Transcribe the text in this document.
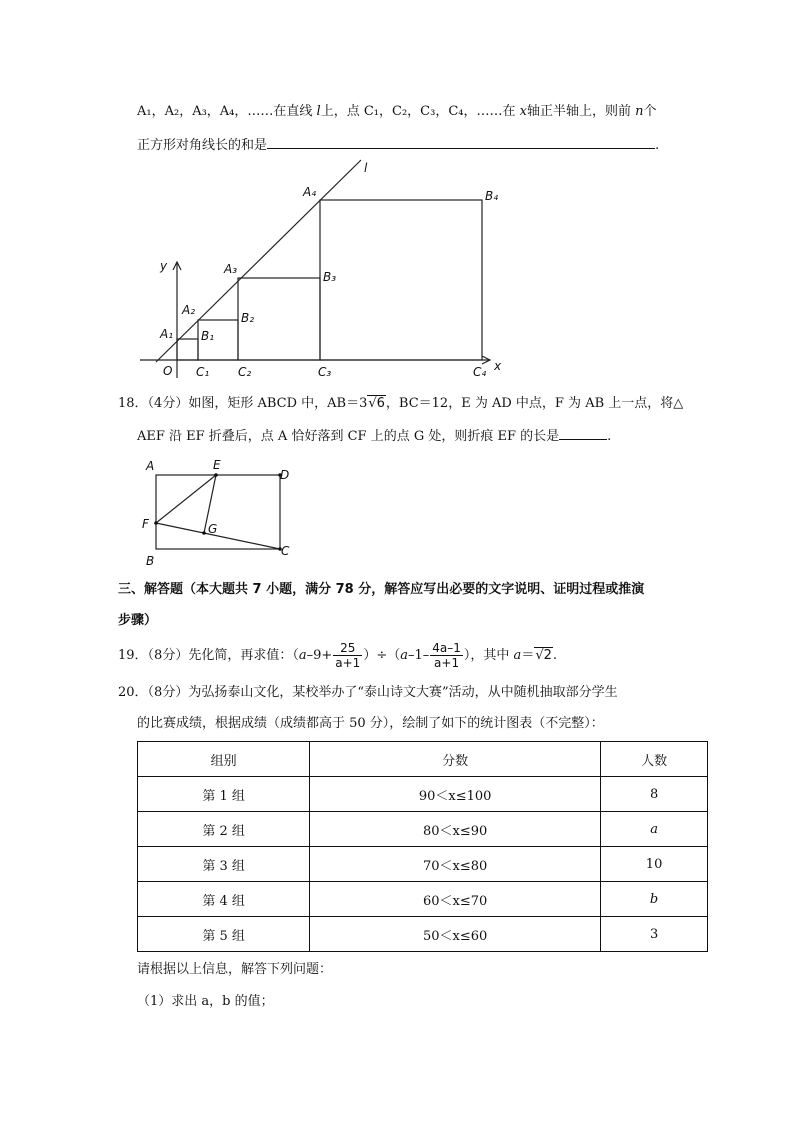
A₁，A₂，A₃，A₄，……在直线 l上，点 C₁，C₂，C₃，C₄，……在 x轴正半轴上，则前 n个
正方形对角线长的和是	.
l
y
x
O
A₁
A₂
A₃
A₄
B₁
B₂
B₃
B₄
C₁ C₂	C₃	C₄
18．（4分）如图，矩形 ABCD 中，AB＝3√6，BC＝12，E 为 AD 中点，F 为 AB 上一点，将△
AEF 沿 EF 折叠后，点 A 恰好落到 CF 上的点 G 处，则折痕 EF 的长是	.
A	E
D
F	G
B
C
三、解答题（本大题共 7 小题，满分 78 分，解答应写出必要的文字说明、证明过程或推演
步骤）
19．（8分）先化简，再求值：$(a-9+ \frac{25}{a+1} )\div(a-1- \frac{4a-1}{a+1}$ ），其中 a＝√2.
20．（8分）为弘扬泰山文化，某校举办了“泰山诗文大赛”活动，从中随机抽取部分学生
的比赛成绩，根据成绩（成绩都高于 50 分），绘制了如下的统计图表（不完整）：
组别	分数	人数
第 1 组	90＜x≤100	8
第 2 组	80＜x≤90	a
第 3 组	70＜x≤80	10
第 4 组	60＜x≤70	b
第 5 组	50＜x≤60	3
请根据以上信息，解答下列问题：
（1）求出 a，b 的值；
